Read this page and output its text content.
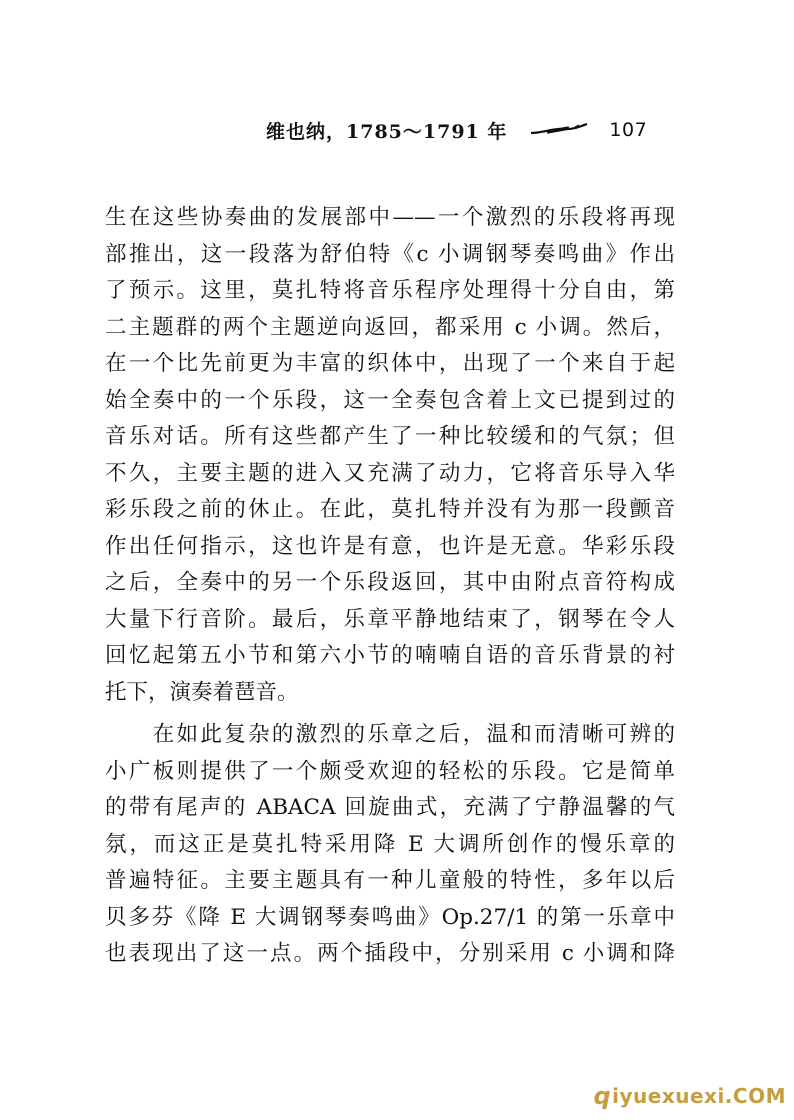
维也纳，1785～1791 年	107
生在这些协奏曲的发展部中——一个激烈的乐段将再现
部推出，这一段落为舒伯特《c 小调钢琴奏鸣曲》作出
了预示。这里，莫扎特将音乐程序处理得十分自由，第
二主题群的两个主题逆向返回，都采用 c 小调。然后，
在一个比先前更为丰富的织体中，出现了一个来自于起
始全奏中的一个乐段，这一全奏包含着上文已提到过的
音乐对话。所有这些都产生了一种比较缓和的气氛；但
不久，主要主题的进入又充满了动力，它将音乐导入华
彩乐段之前的休止。在此，莫扎特并没有为那一段颤音
作出任何指示，这也许是有意，也许是无意。华彩乐段
之后，全奏中的另一个乐段返回，其中由附点音符构成
大量下行音阶。最后，乐章平静地结束了，钢琴在令人
回忆起第五小节和第六小节的喃喃自语的音乐背景的衬
托下，演奏着琶音。
　　在如此复杂的激烈的乐章之后，温和而清晰可辨的
小广板则提供了一个颇受欢迎的轻松的乐段。它是简单
的带有尾声的 ABACA 回旋曲式，充满了宁静温馨的气
氛，而这正是莫扎特采用降 E 大调所创作的慢乐章的
普遍特征。主要主题具有一种儿童般的特性，多年以后
贝多芬《降 E 大调钢琴奏鸣曲》Op.27/1 的第一乐章中
也表现出了这一点。两个插段中，分别采用 c 小调和降
q iyuexuexi.COM
